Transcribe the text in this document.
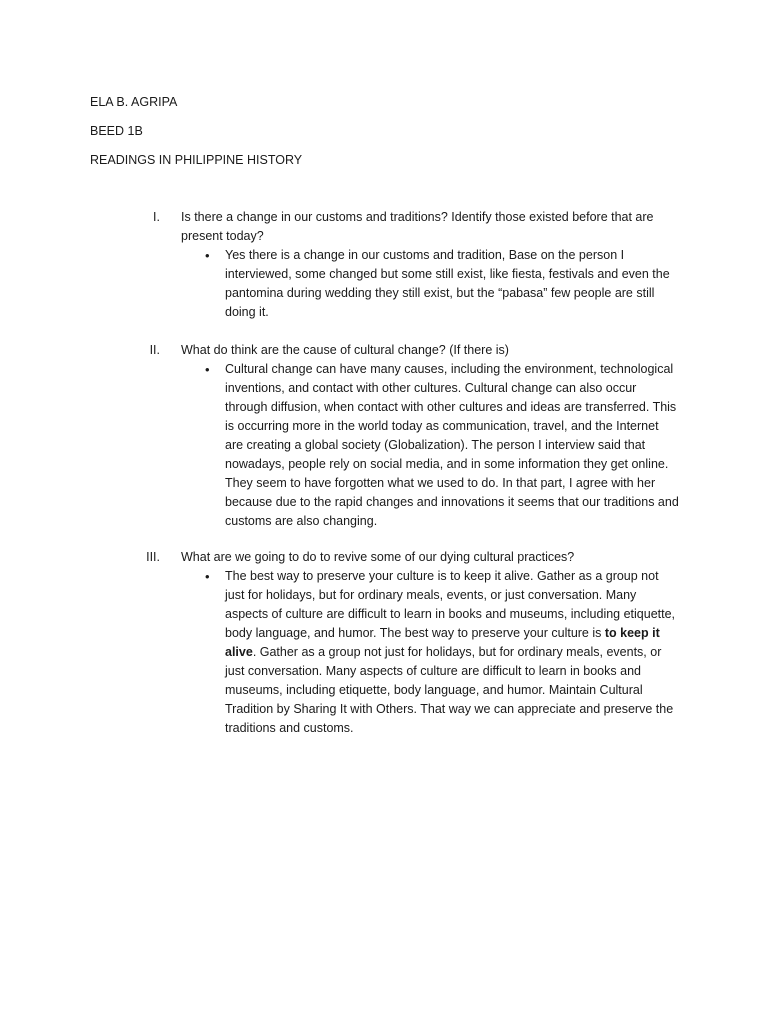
ELA B. AGRIPA

BEED 1B

READINGS IN PHILIPPINE HISTORY

I. Is there a change in our customs and traditions? Identify those existed before that are present today?
•	Yes there is a change in our customs and tradition, Base on the person I interviewed, some changed but some still exist, like fiesta, festivals and even the pantomina during wedding they still exist, but the “pabasa” few people are still doing it.
II. What do think are the cause of cultural change? (If there is)
•	Cultural change can have many causes, including the environment, technological inventions, and contact with other cultures. Cultural change can also occur through diffusion, when contact with other cultures and ideas are transferred. This is occurring more in the world today as communication, travel, and the Internet are creating a global society (Globalization). The person I interview said that nowadays, people rely on social media, and in some information they get online. They seem to have forgotten what we used to do. In that part, I agree with her because due to the rapid changes and innovations it seems that our traditions and customs are also changing.
III. What are we going to do to revive some of our dying cultural practices?
•	The best way to preserve your culture is to keep it alive. Gather as a group not just for holidays, but for ordinary meals, events, or just conversation. Many aspects of culture are difficult to learn in books and museums, including etiquette, body language, and humor. The best way to preserve your culture is to keep it alive. Gather as a group not just for holidays, but for ordinary meals, events, or just conversation. Many aspects of culture are difficult to learn in books and museums, including etiquette, body language, and humor. Maintain Cultural Tradition by Sharing It with Others. That way we can appreciate and preserve the traditions and customs.
